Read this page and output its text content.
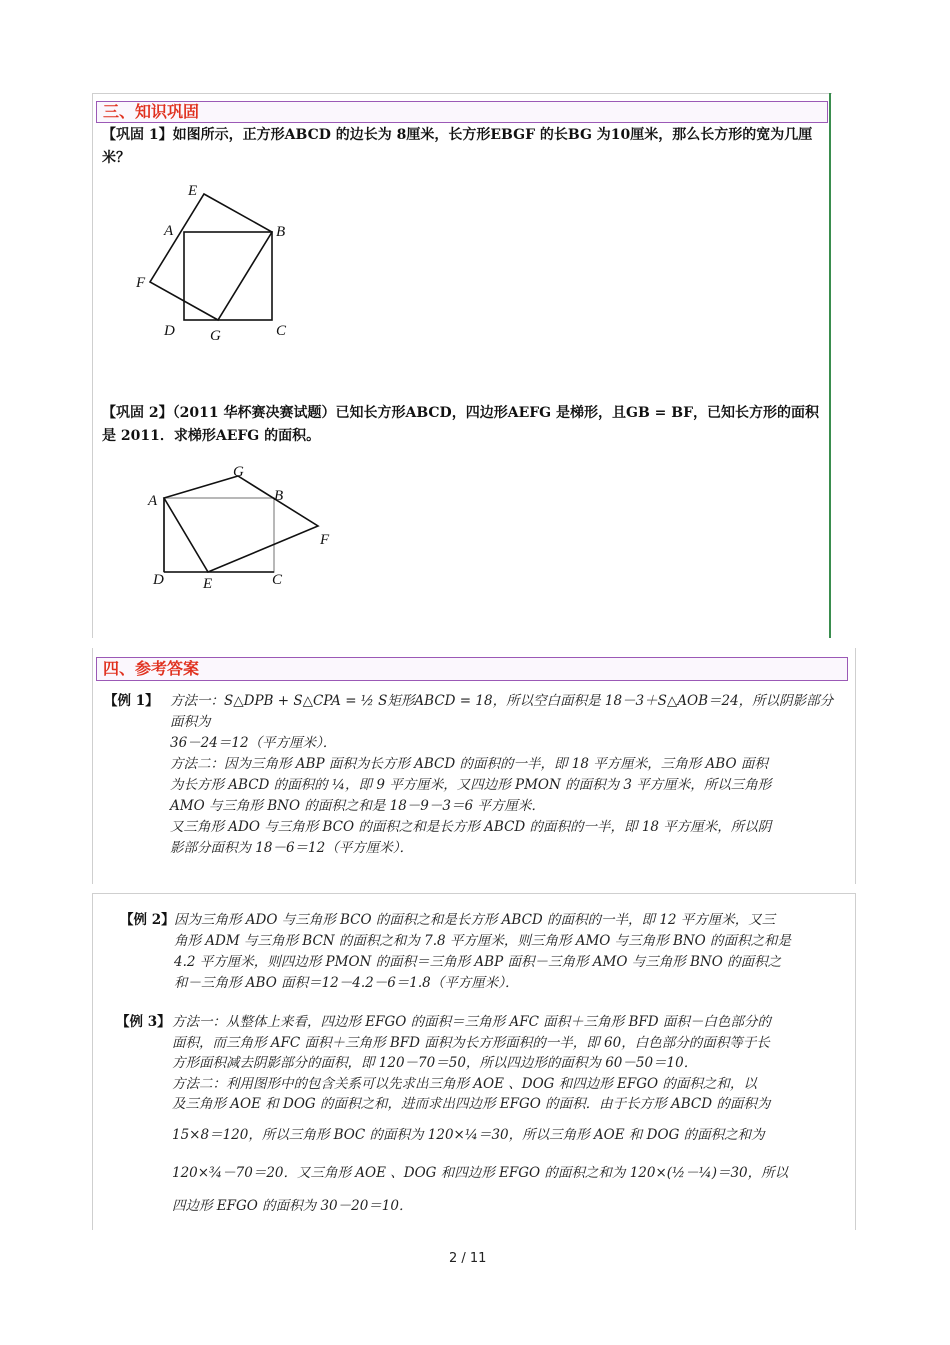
三、知识巩固
【巩固 1】如图所示，正方形ABCD 的边长为 8厘米，长方形EBGF 的长BG 为10厘米，那么长方形的宽为几厘米？
E
A	B
F
D G	C
【巩固 2】（2011 华杯赛决赛试题）已知长方形ABCD，四边形AEFG 是梯形，且GB = BF，已知长方形的面积是 2011．求梯形AEFG 的面积。
G
A	B
F
D	E	C
四、参考答案
【例 1】 方法一：S△DPB + S△CPA = ½ S矩形ABCD = 18，所以空白面积是 18－3＋S△AOB＝24，所以阴影部分面积为
36－24＝12（平方厘米）．
方法二：因为三角形 ABP 面积为长方形 ABCD 的面积的一半，即 18 平方厘米，三角形 ABO 面积
为长方形 ABCD 的面积的 ¼，即 9 平方厘米，又四边形 PMON 的面积为 3 平方厘米，所以三角形
AMO 与三角形 BNO 的面积之和是 18－9－3＝6 平方厘米．
又三角形 ADO 与三角形 BCO 的面积之和是长方形 ABCD 的面积的一半，即 18 平方厘米，所以阴
影部分面积为 18－6＝12（平方厘米）．
【例 2】 因为三角形 ADO 与三角形 BCO 的面积之和是长方形 ABCD 的面积的一半，即 12 平方厘米，又三
角形 ADM 与三角形 BCN 的面积之和为 7.8 平方厘米，则三角形 AMO 与三角形 BNO 的面积之和是
4.2 平方厘米，则四边形 PMON 的面积＝三角形 ABP 面积－三角形 AMO 与三角形 BNO 的面积之
和－三角形 ABO 面积＝12－4.2－6＝1.8（平方厘米）．
【例 3】 方法一：从整体上来看，四边形 EFGO 的面积＝三角形 AFC 面积＋三角形 BFD 面积－白色部分的
面积，而三角形 AFC 面积＋三角形 BFD 面积为长方形面积的一半，即 60，白色部分的面积等于长
方形面积减去阴影部分的面积，即 120－70＝50，所以四边形的面积为 60－50＝10．
方法二：利用图形中的包含关系可以先求出三角形 AOE 、DOG 和四边形 EFGO 的面积之和，以
及三角形 AOE 和 DOG 的面积之和，进而求出四边形 EFGO 的面积．由于长方形 ABCD 的面积为
15×8＝120，所以三角形 BOC 的面积为 120×¼＝30，所以三角形 AOE 和 DOG 的面积之和为
120×¾－70＝20．又三角形 AOE 、DOG 和四边形 EFGO 的面积之和为 120×(½－¼)＝30，所以
四边形 EFGO 的面积为 30－20＝10．
2 / 11
